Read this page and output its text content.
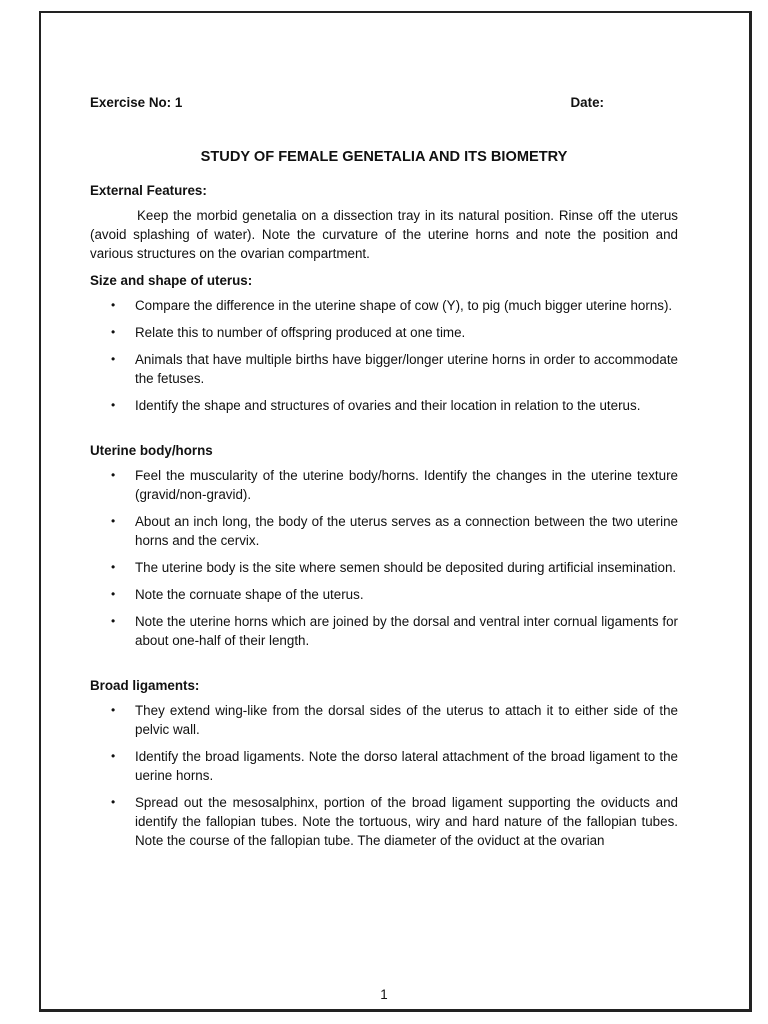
Exercise No: 1	Date:
STUDY OF FEMALE GENETALIA AND ITS BIOMETRY
External Features:

Keep the morbid genetalia on a dissection tray in its natural position. Rinse off the uterus (avoid splashing of water). Note the curvature of the uterine horns and note the position and various structures on the ovarian compartment.

Size and shape of uterus:
• Compare the difference in the uterine shape of cow (Y), to pig (much bigger uterine horns).
• Relate this to number of offspring produced at one time.
• Animals that have multiple births have bigger/longer uterine horns in order to accommodate the fetuses.
• Identify the shape and structures of ovaries and their location in relation to the uterus.
Uterine body/horns
• Feel the muscularity of the uterine body/horns. Identify the changes in the uterine texture (gravid/non-gravid).
• About an inch long, the body of the uterus serves as a connection between the two uterine horns and the cervix.
• The uterine body is the site where semen should be deposited during artificial insemination.
• Note the cornuate shape of the uterus.
• Note the uterine horns which are joined by the dorsal and ventral inter cornual ligaments for about one-half of their length.
Broad ligaments:
• They extend wing-like from the dorsal sides of the uterus to attach it to either side of the pelvic wall.
• Identify the broad ligaments. Note the dorso lateral attachment of the broad ligament to the uerine horns.
• Spread out the mesosalphinx, portion of the broad ligament supporting the oviducts and identify the fallopian tubes. Note the tortuous, wiry and hard nature of the fallopian tubes. Note the course of the fallopian tube. The diameter of the oviduct at the ovarian
1
